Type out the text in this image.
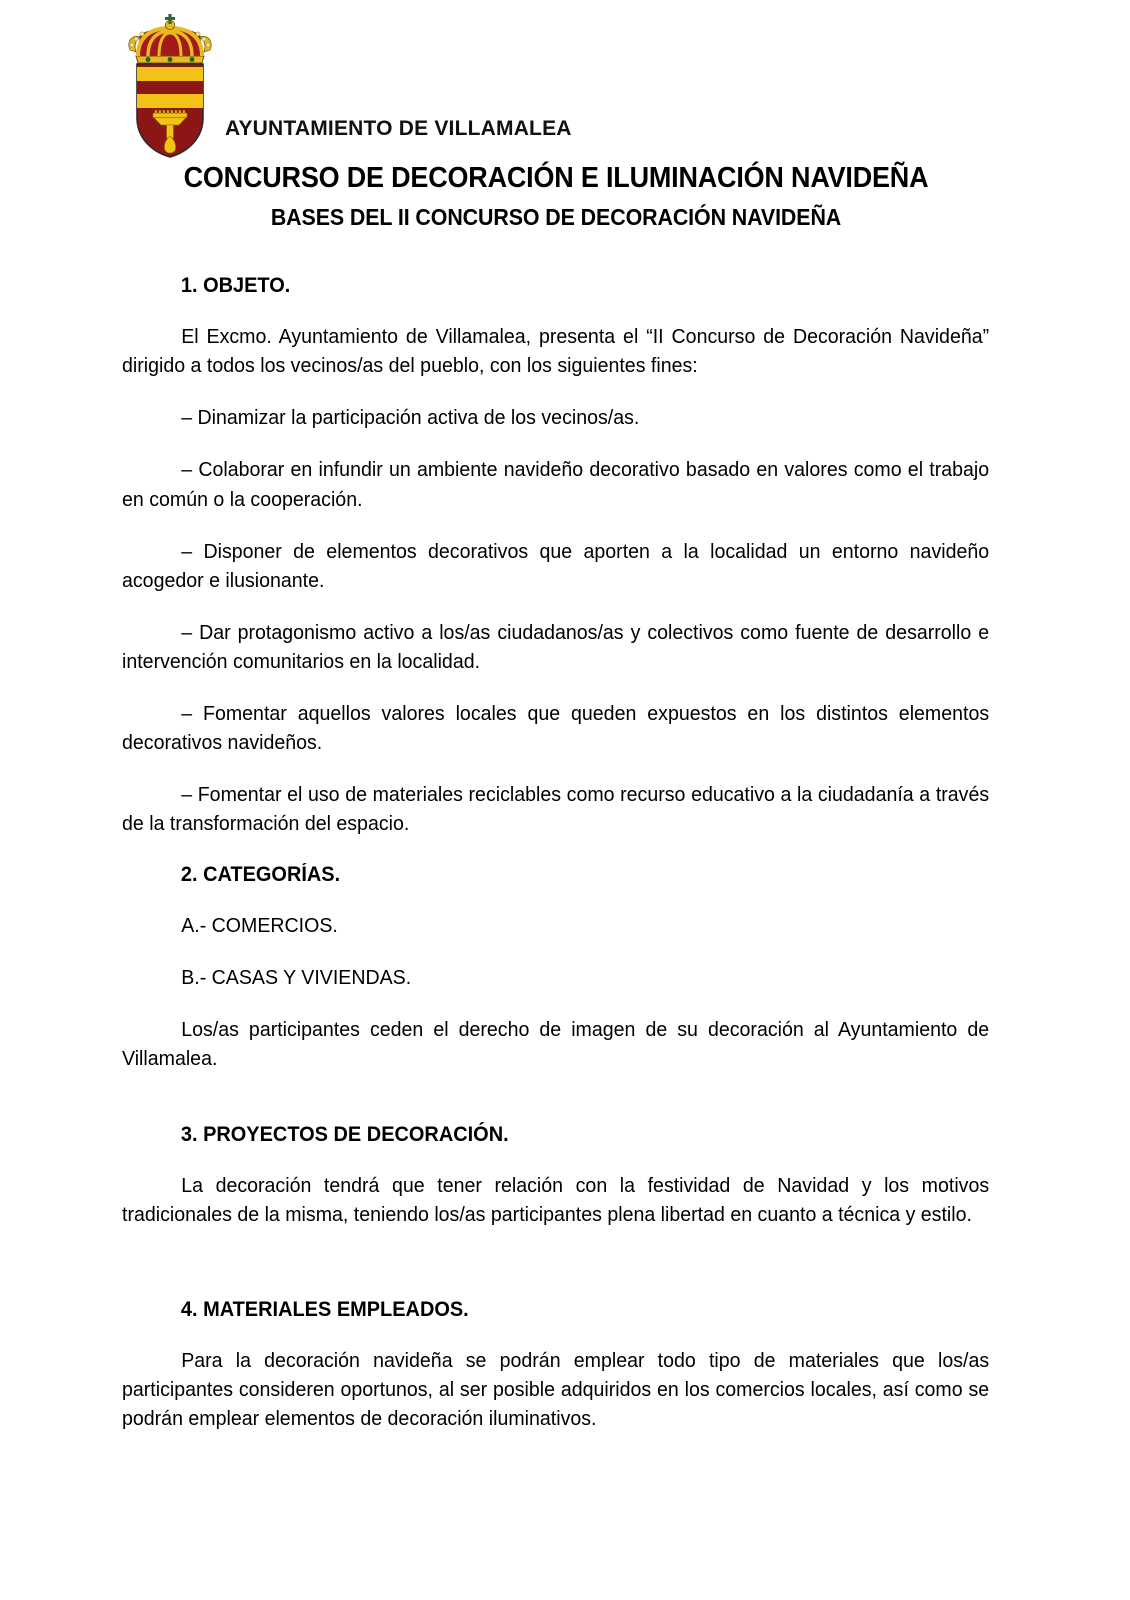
AYUNTAMIENTO DE VILLAMALEA
CONCURSO DE DECORACIÓN E ILUMINACIÓN NAVIDEÑA
BASES DEL II CONCURSO DE DECORACIÓN NAVIDEÑA
1. OBJETO.

El Excmo. Ayuntamiento de Villamalea, presenta el “II Concurso de Decoración Navideña” dirigido a todos los vecinos/as del pueblo, con los siguientes fines:

– Dinamizar la participación activa de los vecinos/as.

– Colaborar en infundir un ambiente navideño decorativo basado en valores como el trabajo en común o la cooperación.

– Disponer de elementos decorativos que aporten a la localidad un entorno navideño acogedor e ilusionante.

– Dar protagonismo activo a los/as ciudadanos/as y colectivos como fuente de desarrollo e intervención comunitarios en la localidad.

– Fomentar aquellos valores locales que queden expuestos en los distintos elementos decorativos navideños.

– Fomentar el uso de materiales reciclables como recurso educativo a la ciudadanía a través de la transformación del espacio.

2. CATEGORÍAS.

A.- COMERCIOS.

B.- CASAS Y VIVIENDAS.

Los/as participantes ceden el derecho de imagen de su decoración al Ayuntamiento de Villamalea.

3. PROYECTOS DE DECORACIÓN.

La decoración tendrá que tener relación con la festividad de Navidad y los motivos tradicionales de la misma, teniendo los/as participantes plena libertad en cuanto a técnica y estilo.

4. MATERIALES EMPLEADOS.

Para la decoración navideña se podrán emplear todo tipo de materiales que los/as participantes consideren oportunos, al ser posible adquiridos en los comercios locales, así como se podrán emplear elementos de decoración iluminativos.
